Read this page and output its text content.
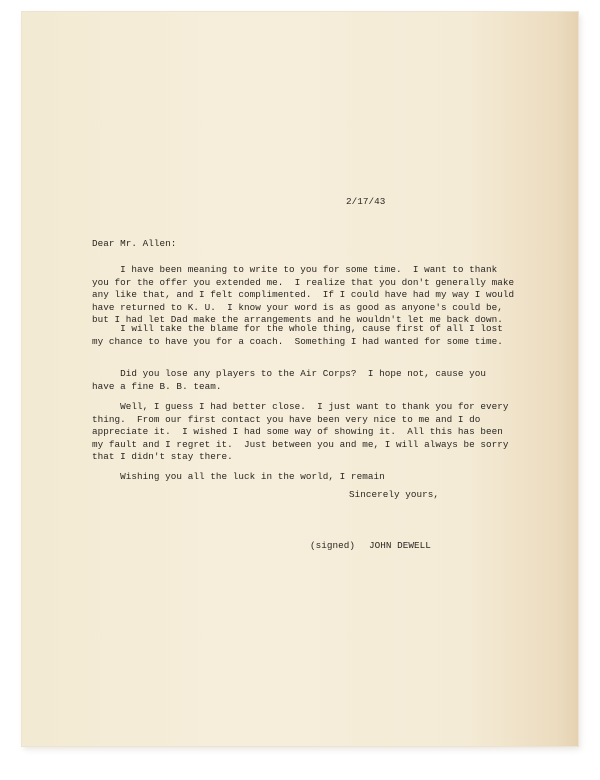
2/17/43
Dear Mr. Allen:
I have been meaning to write to you for some time.  I want to thank
you for the offer you extended me.  I realize that you don't generally make
any like that, and I felt complimented.  If I could have had my way I would
have returned to K. U.  I know your word is as good as anyone's could be,
but I had let Dad make the arrangements and he wouldn't let me back down.
I will take the blame for the whole thing, cause first of all I lost
my chance to have you for a coach.  Something I had wanted for some time.
Did you lose any players to the Air Corps?  I hope not, cause you
have a fine B. B. team.
Well, I guess I had better close.  I just want to thank you for every
thing.  From our first contact you have been very nice to me and I do
appreciate it.  I wished I had some way of showing it.  All this has been
my fault and I regret it.  Just between you and me, I will always be sorry
that I didn't stay there.
Wishing you all the luck in the world, I remain
Sincerely yours,
(signed) JOHN DEWELL
